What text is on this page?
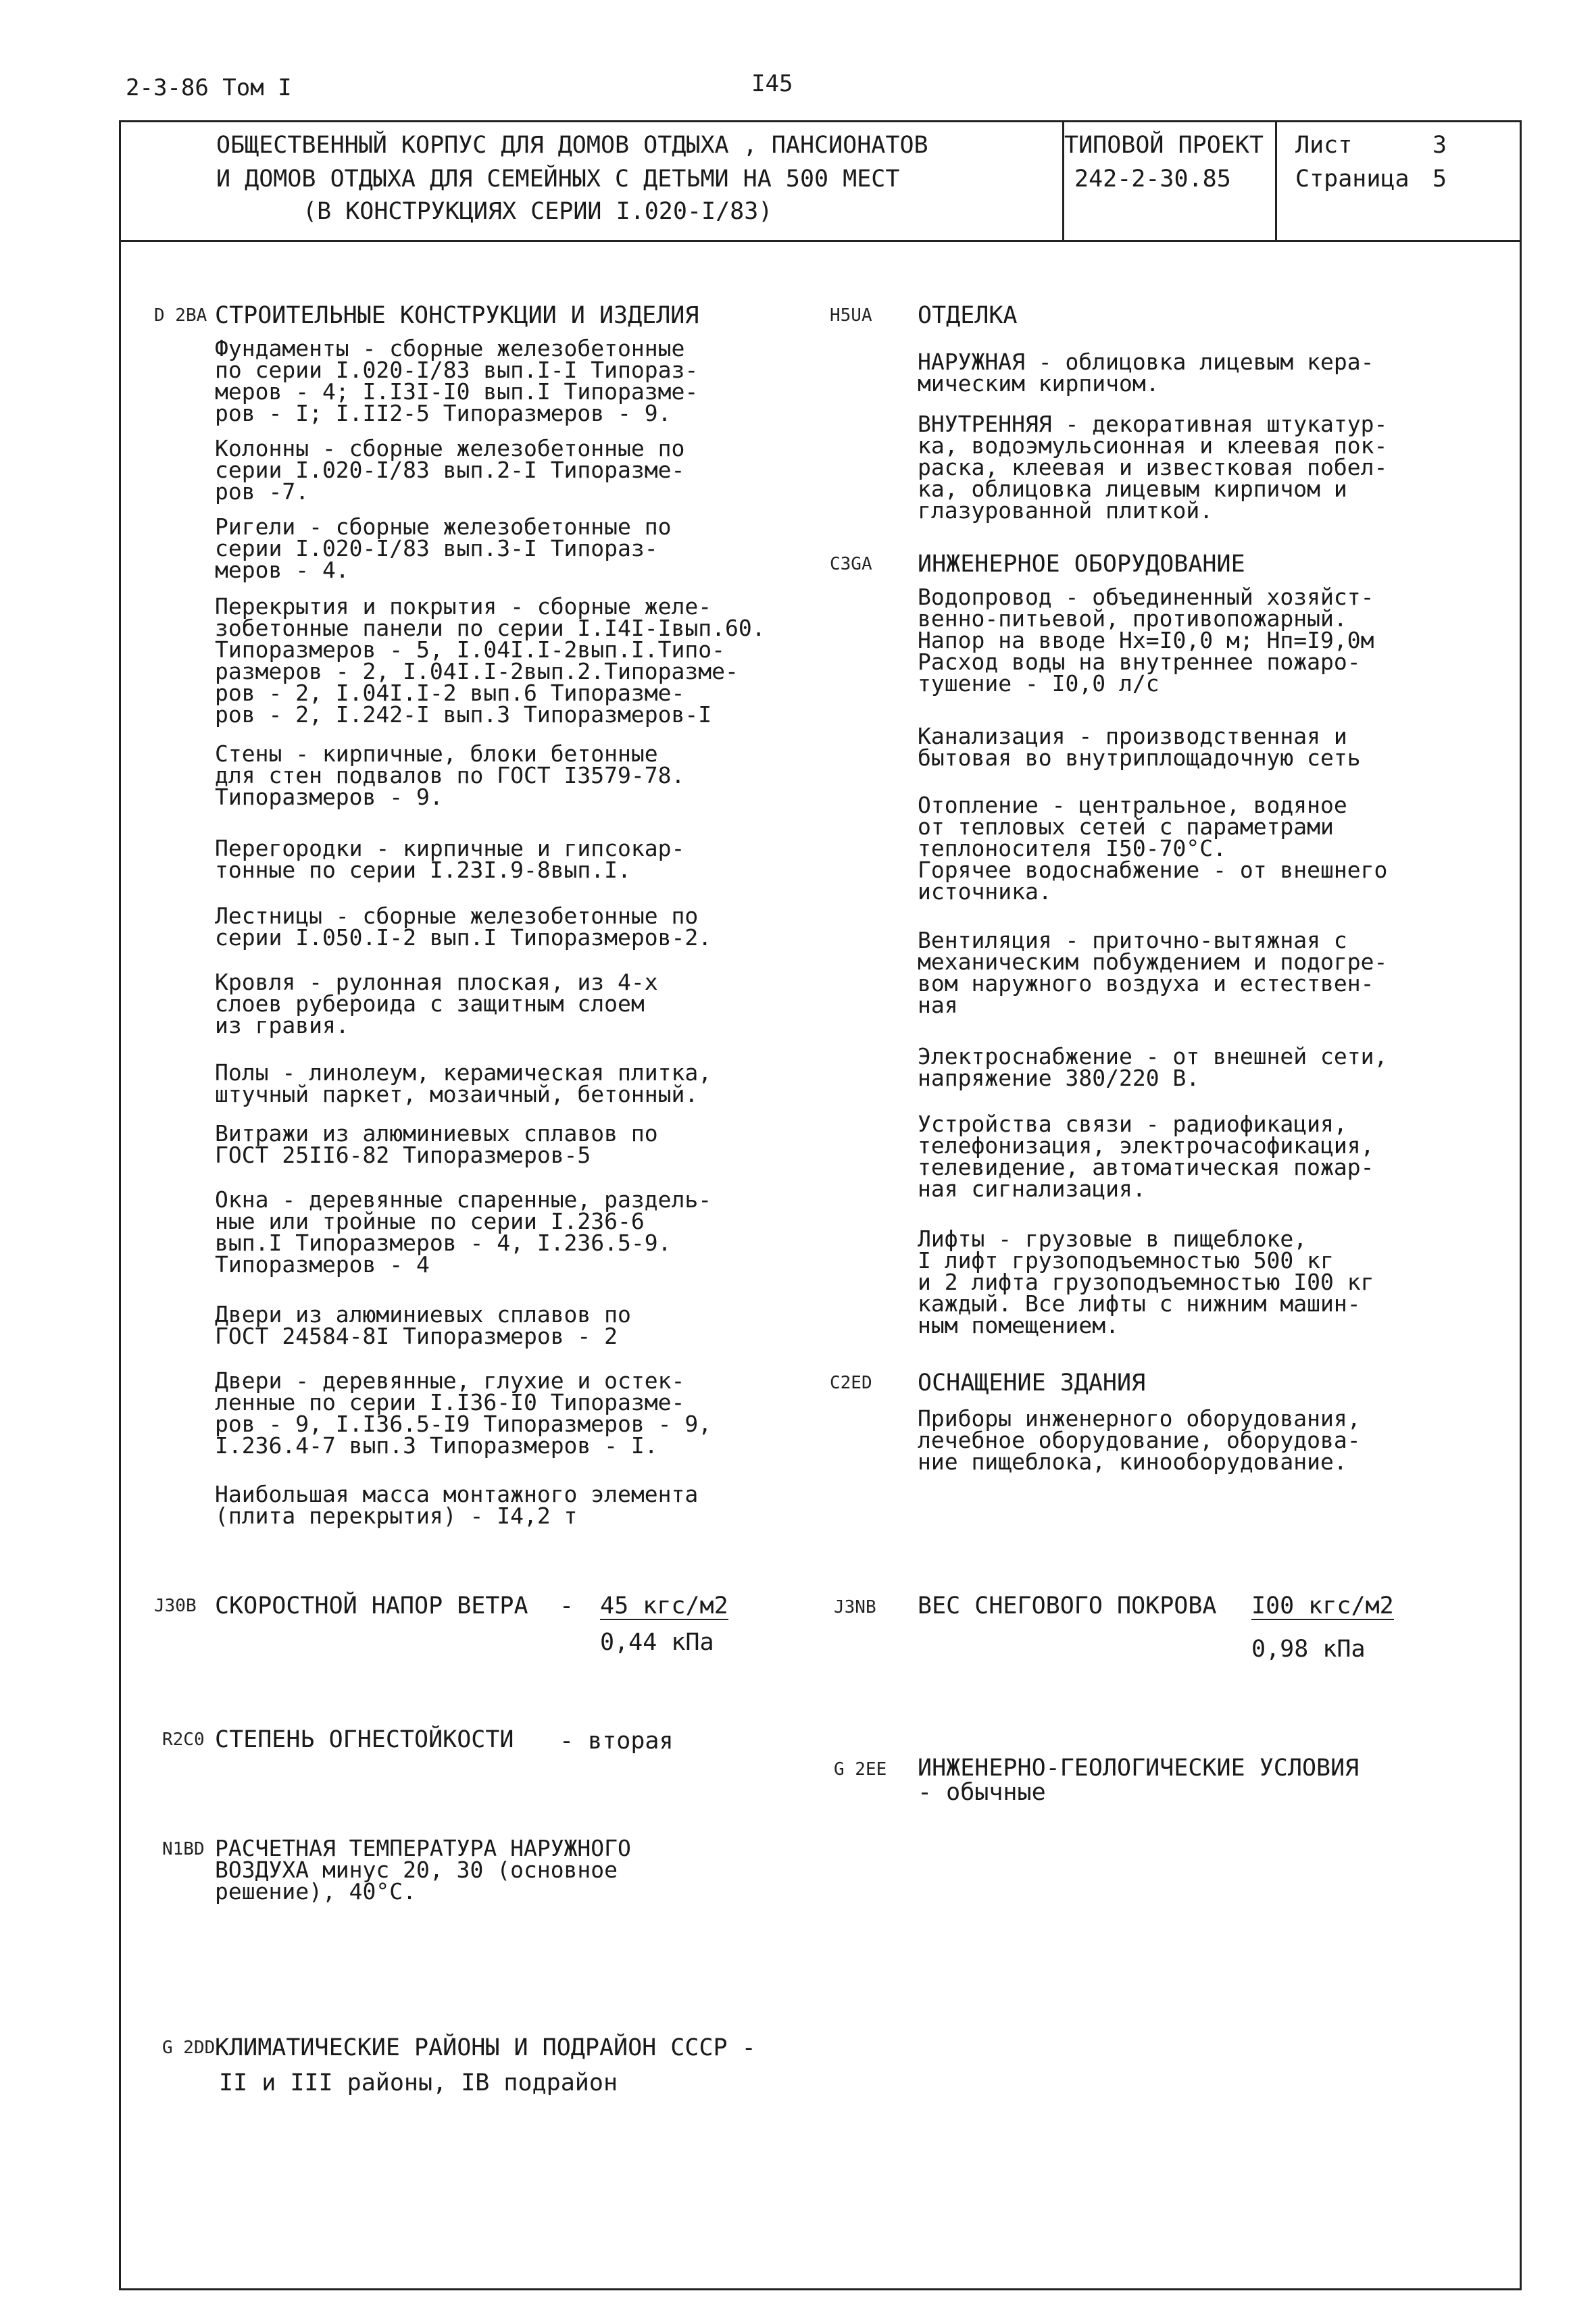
2-3-86 Том I	I45
ОБЩЕСТВЕННЫЙ КОРПУС ДЛЯ ДОМОВ ОТДЫХА , ПАНСИОНАТОВ
И ДОМОВ ОТДЫХА ДЛЯ СЕМЕЙНЫХ С ДЕТЬМИ НА 500 МЕСТ
(В КОНСТРУКЦИЯХ СЕРИИ I.020-I/83)
ТИПОВОЙ ПРОЕКТ
242-2-30.85
Лист	3
Страница 5
D 2BA СТРОИТЕЛЬНЫЕ КОНСТРУКЦИИ И ИЗДЕЛИЯ
Фундаменты - сборные железобетонные
по серии I.020-I/83 вып.I-I Типораз-
меров - 4; I.I3I-I0 вып.I Типоразме-
ров - I; I.II2-5 Типоразмеров - 9.
Колонны - сборные железобетонные по
серии I.020-I/83 вып.2-I Типоразме-
ров -7.
Ригели - сборные железобетонные по
серии I.020-I/83 вып.3-I Типораз-
меров - 4.
Перекрытия и покрытия - сборные желе-
зобетонные панели по серии I.I4I-Iвып.60.
Типоразмеров - 5, I.04I.I-2вып.I.Типо-
размеров - 2, I.04I.I-2вып.2.Типоразме-
ров - 2, I.04I.I-2 вып.6 Типоразме-
ров - 2, I.242-I вып.3 Типоразмеров-I
Стены - кирпичные, блоки бетонные
для стен подвалов по ГОСТ I3579-78.
Типоразмеров - 9.
Перегородки - кирпичные и гипсокар-
тонные по серии I.23I.9-8вып.I.
Лестницы - сборные железобетонные по
серии I.050.I-2 вып.I Типоразмеров-2.
Кровля - рулонная плоская, из 4-х
слоев рубероида с защитным слоем
из гравия.
Полы - линолеум, керамическая плитка,
штучный паркет, мозаичный, бетонный.
Витражи из алюминиевых сплавов по
ГОСТ 25II6-82 Типоразмеров-5
Окна - деревянные спаренные, раздель-
ные или тройные по серии I.236-6
вып.I Типоразмеров - 4, I.236.5-9.
Типоразмеров - 4
Двери из алюминиевых сплавов по
ГОСТ 24584-8I Типоразмеров - 2
Двери - деревянные, глухие и остек-
ленные по серии I.I36-I0 Типоразме-
ров - 9, I.I36.5-I9 Типоразмеров - 9,
I.236.4-7 вып.3 Типоразмеров - I.
Наибольшая масса монтажного элемента
(плита перекрытия) - I4,2 т
J30B СКОРОСТНОЙ НАПОР ВЕТРА - 45 кгс/м2
0,44 кПа
R2C0 СТЕПЕНЬ ОГНЕСТОЙКОСТИ - вторая
N1BD РАСЧЕТНАЯ ТЕМПЕРАТУРА НАРУЖНОГО
ВОЗДУХА минус 20, 30 (основное
решение), 40°С.
G 2DD КЛИМАТИЧЕСКИЕ РАЙОНЫ И ПОДРАЙОН СССР -
II и III районы, IВ подрайон
H5UA ОТДЕЛКА
НАРУЖНАЯ - облицовка лицевым кера-
мическим кирпичом.
ВНУТРЕННЯЯ - декоративная штукатур-
ка, водоэмульсионная и клеевая пок-
раска, клеевая и известковая побел-
ка, облицовка лицевым кирпичом и
глазурованной плиткой.
C3GA ИНЖЕНЕРНОЕ ОБОРУДОВАНИЕ
Водопровод - объединенный хозяйст-
венно-питьевой, противопожарный.
Напор на вводе Нх=I0,0 м; Нп=I9,0м
Расход воды на внутреннее пожаро-
тушение - I0,0 л/с
Канализация - производственная и
бытовая во внутриплощадочную сеть
Отопление - центральное, водяное
от тепловых сетей с параметрами
теплоносителя I50-70°С.
Горячее водоснабжение - от внешнего
источника.
Вентиляция - приточно-вытяжная с
механическим побуждением и подогре-
вом наружного воздуха и естествен-
ная
Электроснабжение - от внешней сети,
напряжение 380/220 В.
Устройства связи - радиофикация,
телефонизация, электрочасофикация,
телевидение, автоматическая пожар-
ная сигнализация.
Лифты - грузовые в пищеблоке,
I лифт грузоподъемностью 500 кг
и 2 лифта грузоподъемностью I00 кг
каждый. Все лифты с нижним машин-
ным помещением.
C2ED ОСНАЩЕНИЕ ЗДАНИЯ
Приборы инженерного оборудования,
лечебное оборудование, оборудова-
ние пищеблока, кинооборудование.
J3NB ВЕС СНЕГОВОГО ПОКРОВА I00 кгс/м2
0,98 кПа
G 2EE ИНЖЕНЕРНО-ГЕОЛОГИЧЕСКИЕ УСЛОВИЯ
- обычные
